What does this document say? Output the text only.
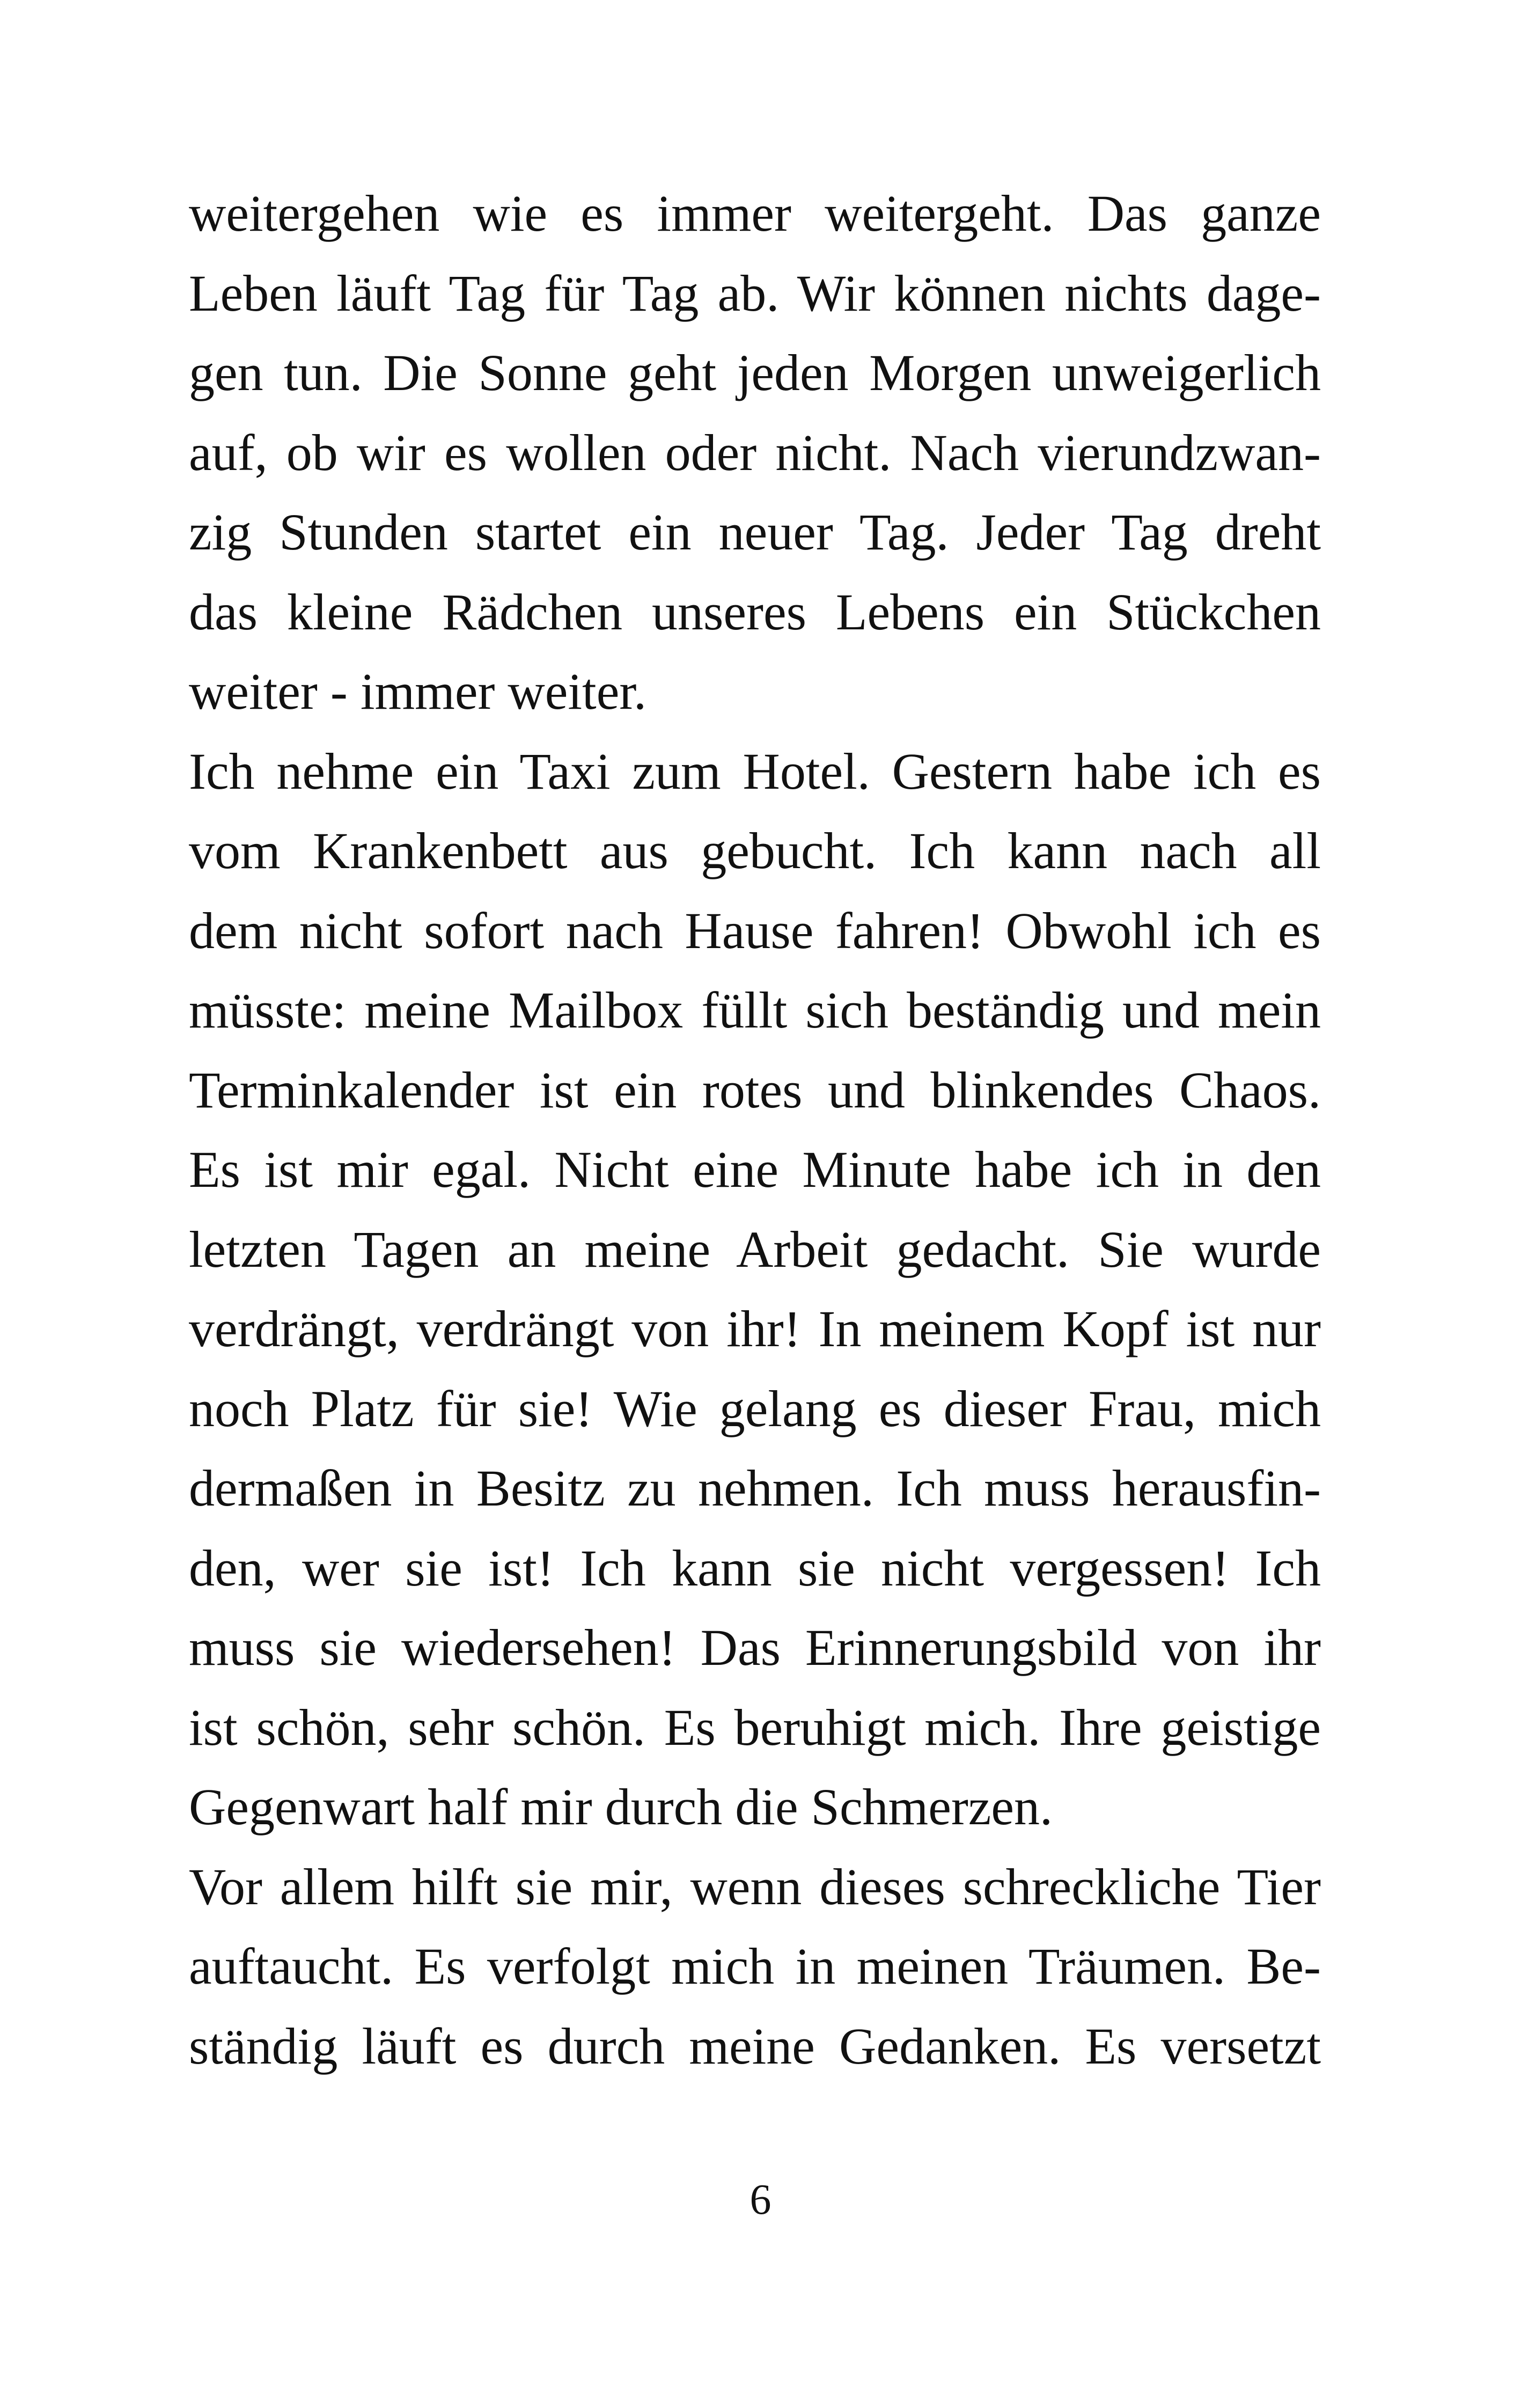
weitergehen wie es immer weitergeht. Das ganze
Leben läuft Tag für Tag ab. Wir können nichts dage-
gen tun. Die Sonne geht jeden Morgen unweigerlich
auf, ob wir es wollen oder nicht. Nach vierundzwan-
zig Stunden startet ein neuer Tag. Jeder Tag dreht
das kleine Rädchen unseres Lebens ein Stückchen
weiter - immer weiter.
Ich nehme ein Taxi zum Hotel. Gestern habe ich es
vom Krankenbett aus gebucht. Ich kann nach all
dem nicht sofort nach Hause fahren! Obwohl ich es
müsste: meine Mailbox füllt sich beständig und mein
Terminkalender ist ein rotes und blinkendes Chaos.
Es ist mir egal. Nicht eine Minute habe ich in den
letzten Tagen an meine Arbeit gedacht. Sie wurde
verdrängt, verdrängt von ihr! In meinem Kopf ist nur
noch Platz für sie! Wie gelang es dieser Frau, mich
dermaßen in Besitz zu nehmen. Ich muss herausfin-
den, wer sie ist! Ich kann sie nicht vergessen! Ich
muss sie wiedersehen! Das Erinnerungsbild von ihr
ist schön, sehr schön. Es beruhigt mich. Ihre geistige
Gegenwart half mir durch die Schmerzen.
Vor allem hilft sie mir, wenn dieses schreckliche Tier
auftaucht. Es verfolgt mich in meinen Träumen. Be-
ständig läuft es durch meine Gedanken. Es versetzt
6
